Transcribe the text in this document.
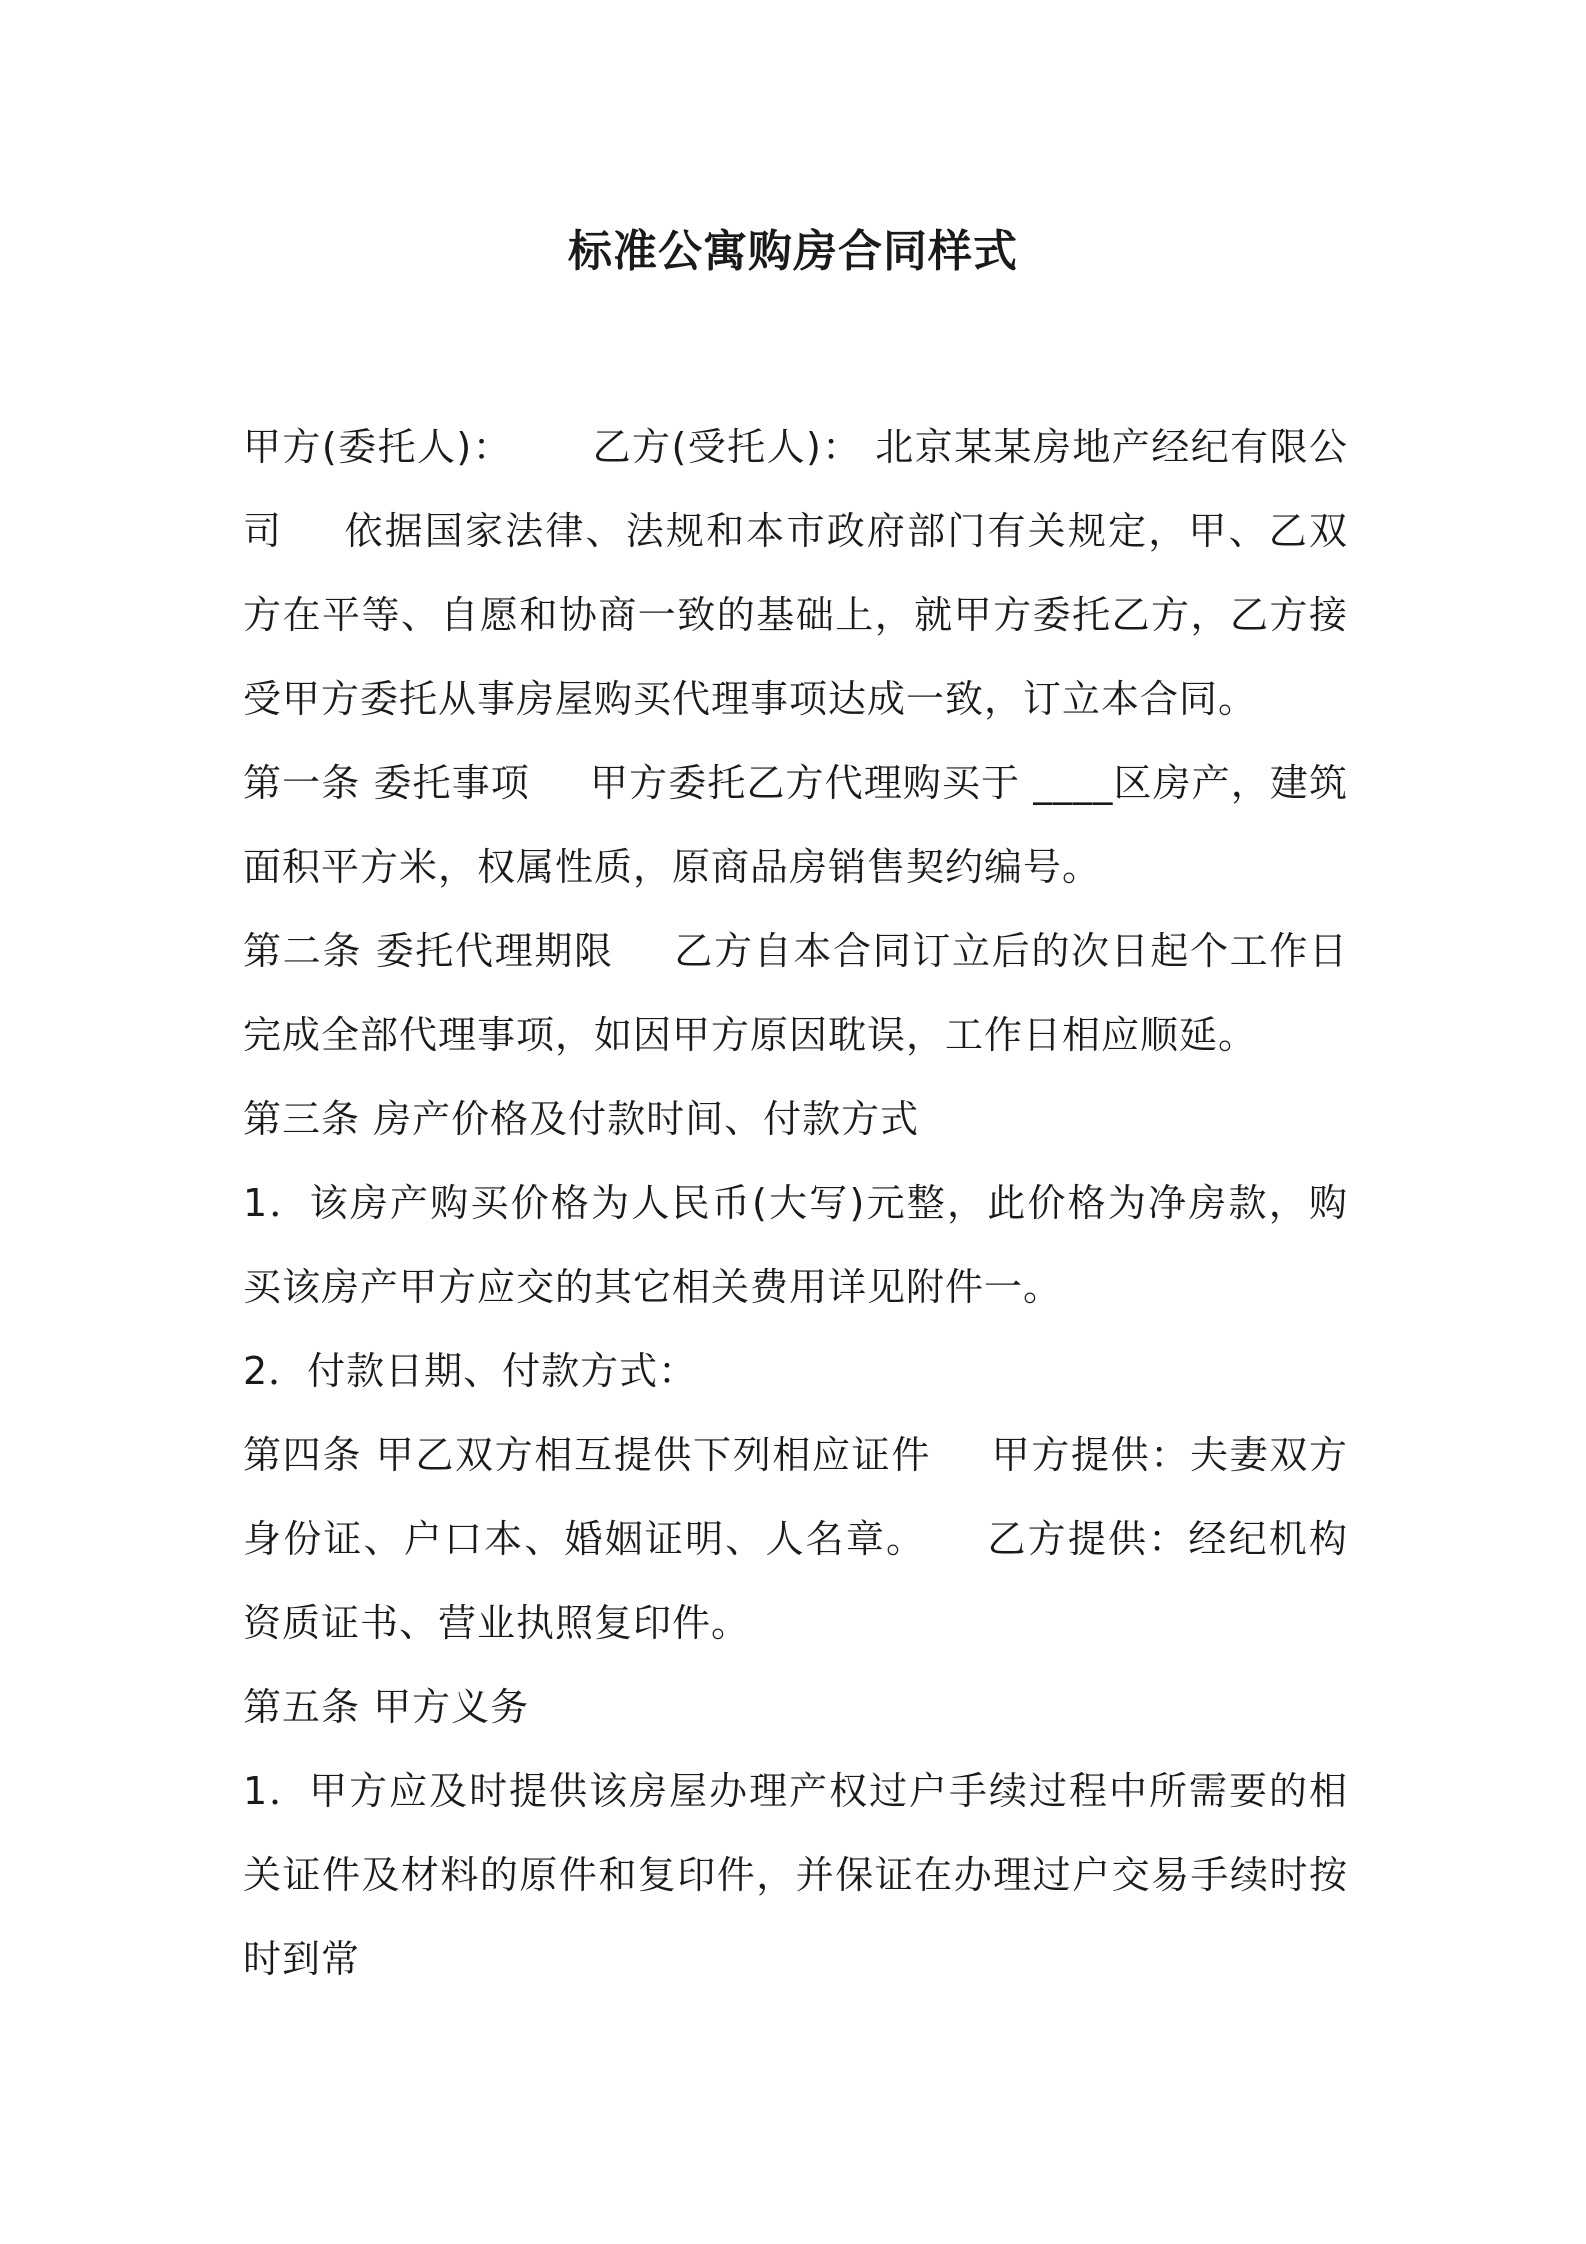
标准公寓购房合同样式

甲方(委托人)： 乙方(受托人)： 北京某某房地产经纪有限公司 依据国家法律、法规和本市政府部门有关规定，甲、乙双方在平等、自愿和协商一致的基础上，就甲方委托乙方，乙方接受甲方委托从事房屋购买代理事项达成一致，订立本合同。

第一条 委托事项 甲方委托乙方代理购买于 ____区房产，建筑面积平方米，权属性质，原商品房销售契约编号。

第二条 委托代理期限 乙方自本合同订立后的次日起个工作日完成全部代理事项，如因甲方原因耽误，工作日相应顺延。

第三条 房产价格及付款时间、付款方式

1．该房产购买价格为人民币(大写)元整，此价格为净房款，购买该房产甲方应交的其它相关费用详见附件一。

2．付款日期、付款方式：

第四条 甲乙双方相互提供下列相应证件 甲方提供：夫妻双方身份证、户口本、婚姻证明、人名章。 乙方提供：经纪机构资质证书、营业执照复印件。

第五条 甲方义务

1．甲方应及时提供该房屋办理产权过户手续过程中所需要的相关证件及材料的原件和复印件，并保证在办理过户交易手续时按时到常
